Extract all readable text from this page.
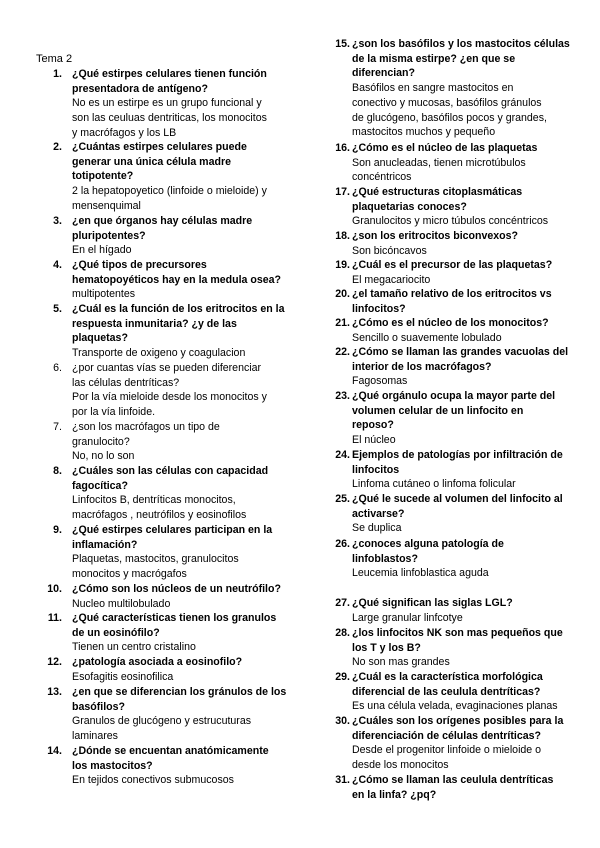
Tema 2
1. ¿Qué estirpes celulares tienen función
presentadora de antígeno?
No es un estirpe es un grupo funcional y
son las ceuluas dentriticas, los monocitos
y macrófagos y los LB
2. ¿Cuántas estirpes celulares puede
generar una única célula madre
totipotente?
2 la hepatopoyetico (linfoide o mieloide) y
mensenquimal
3. ¿en que órganos hay células madre
pluripotentes?
En el hígado
4. ¿Qué tipos de precursores
hematopoyéticos hay en la medula osea?
multipotentes
5. ¿Cuál es la función de los eritrocitos en la
respuesta inmunitaria? ¿y de las
plaquetas?
Transporte de oxigeno y coagulacion
6. ¿por cuantas vías se pueden diferenciar
las células dentríticas?
Por la vía mieloide desde los monocitos y
por la vía linfoide.
7. ¿son los macrófagos un tipo de
granulocito?
No, no lo son
8. ¿Cuáles son las células con capacidad
fagocítica?
Linfocitos B, dentríticas monocitos,
macrófagos , neutrófilos y eosinofilos
9. ¿Qué estirpes celulares participan en la
inflamación?
Plaquetas, mastocitos, granulocitos
monocitos y macrógafos
10. ¿Cómo son los núcleos de un neutrófilo?
Nucleo multilobulado
11. ¿Qué características tienen los granulos
de un eosinófilo?
Tienen un centro cristalino
12. ¿patología asociada a eosinofilo?
Esofagitis eosinofilica
13. ¿en que se diferencian los gránulos de los
basófilos?
Granulos de glucógeno y estrucuturas
laminares
14. ¿Dónde se encuentan anatómicamente
los mastocitos?
En tejidos conectivos submucosos
15. ¿son los basófilos y los mastocitos células
de la misma estirpe? ¿en que se
diferencian?
Basófilos en sangre mastocitos en
conectivo y mucosas, basófilos gránulos
de glucógeno, basófilos pocos y grandes,
mastocitos muchos y pequeño
16. ¿Cómo es el núcleo de las plaquetas
Son anucleadas, tienen microtúbulos
concéntricos
17. ¿Qué estructuras citoplasmáticas
plaquetarias conoces?
Granulocitos y micro túbulos concéntricos
18. ¿son los eritrocitos biconvexos?
Son bicóncavos
19. ¿Cuál es el precursor de las plaquetas?
El megacariocito
20. ¿el tamaño relativo de los eritrocitos vs
linfocitos?
21. ¿Cómo es el núcleo de los monocitos?
Sencillo o suavemente lobulado
22. ¿Cómo se llaman las grandes vacuolas del
interior de los macrófagos?
Fagosomas
23. ¿Qué orgánulo ocupa la mayor parte del
volumen celular de un linfocito en
reposo?
El núcleo
24. Ejemplos de patologías por infiltración de
linfocitos
Linfoma cutáneo o linfoma folicular
25. ¿Qué le sucede al volumen del linfocito al
activarse?
Se duplica
26. ¿conoces alguna patología de
linfoblastos?
Leucemia linfoblastica aguda
27. ¿Qué significan las siglas LGL?
Large granular linfcotye
28. ¿los linfocitos NK son mas pequeños que
los T y los B?
No son mas grandes
29. ¿Cuál es la característica morfológica
diferencial de las ceulula dentríticas?
Es una célula velada, evaginaciones planas
30. ¿Cuáles son los orígenes posibles para la
diferenciación de células dentríticas?
Desde el progenitor linfoide o mieloide o
desde los monocitos
31. ¿Cómo se llaman las ceulula dentríticas
en la linfa? ¿pq?
